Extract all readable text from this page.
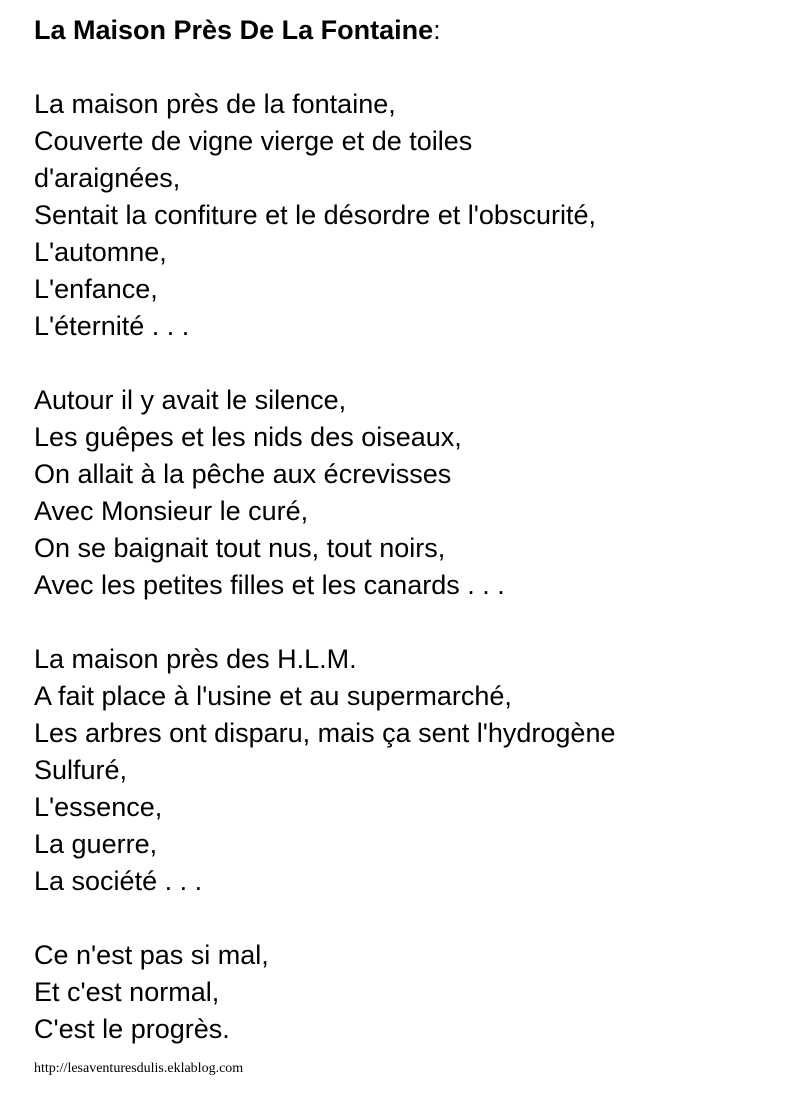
La Maison Près De La Fontaine:
La maison près de la fontaine,
Couverte de vigne vierge et de toiles
d'araignées,
Sentait la confiture et le désordre et l'obscurité,
L'automne,
L'enfance,
L'éternité . . .
Autour il y avait le silence,
Les guêpes et les nids des oiseaux,
On allait à la pêche aux écrevisses
Avec Monsieur le curé,
On se baignait tout nus, tout noirs,
Avec les petites filles et les canards . . .
La maison près des H.L.M.
A fait place à l'usine et au supermarché,
Les arbres ont disparu, mais ça sent l'hydrogène
Sulfuré,
L'essence,
La guerre,
La société . . .
Ce n'est pas si mal,
Et c'est normal,
C'est le progrès.
http://lesaventuresdulis.eklablog.com
